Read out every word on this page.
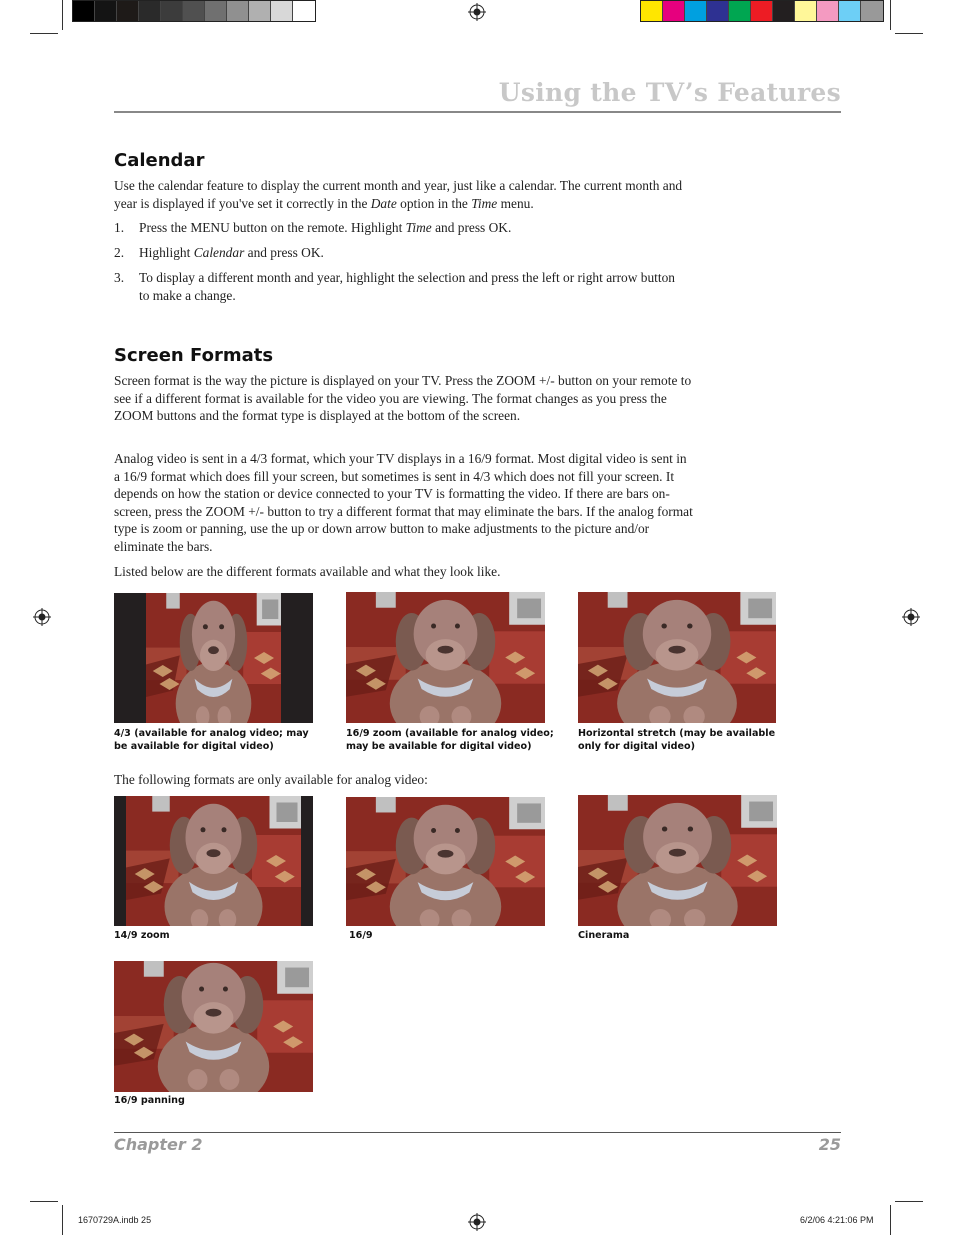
Using the TV’s Features
Calendar

Use the calendar feature to display the current month and year, just like a calendar. The current month and year is displayed if you've set it correctly in the Date option in the Time menu.

1. Press the MENU button on the remote. Highlight Time and press OK.
2. Highlight Calendar and press OK.
3. To display a different month and year, highlight the selection and press the left or right arrow button to make a change.
Screen Formats

Screen format is the way the picture is displayed on your TV. Press the ZOOM +/- button on your remote to see if a different format is available for the video you are viewing. The format changes as you press the ZOOM buttons and the format type is displayed at the bottom of the screen.

Analog video is sent in a 4/3 format, which your TV displays in a 16/9 format. Most digital video is sent in a 16/9 format which does fill your screen, but sometimes is sent in 4/3 which does not fill your screen. It depends on how the station or device connected to your TV is formatting the video. If there are bars on-screen, press the ZOOM +/- button to try a different format that may eliminate the bars. If the analog format type is zoom or panning, use the up or down arrow button to make adjustments to the picture and/or eliminate the bars.

Listed below are the different formats available and what they look like.

4/3 (available for analog video; may be available for digital video)
16/9 zoom (available for analog video; may be available for digital video)
Horizontal stretch (may be available only for digital video)

The following formats are only available for analog video:

14/9 zoom	16/9	Cinerama
16/9 panning
Chapter 2	25
1670729A.indb 25	6/2/06 4:21:06 PM
